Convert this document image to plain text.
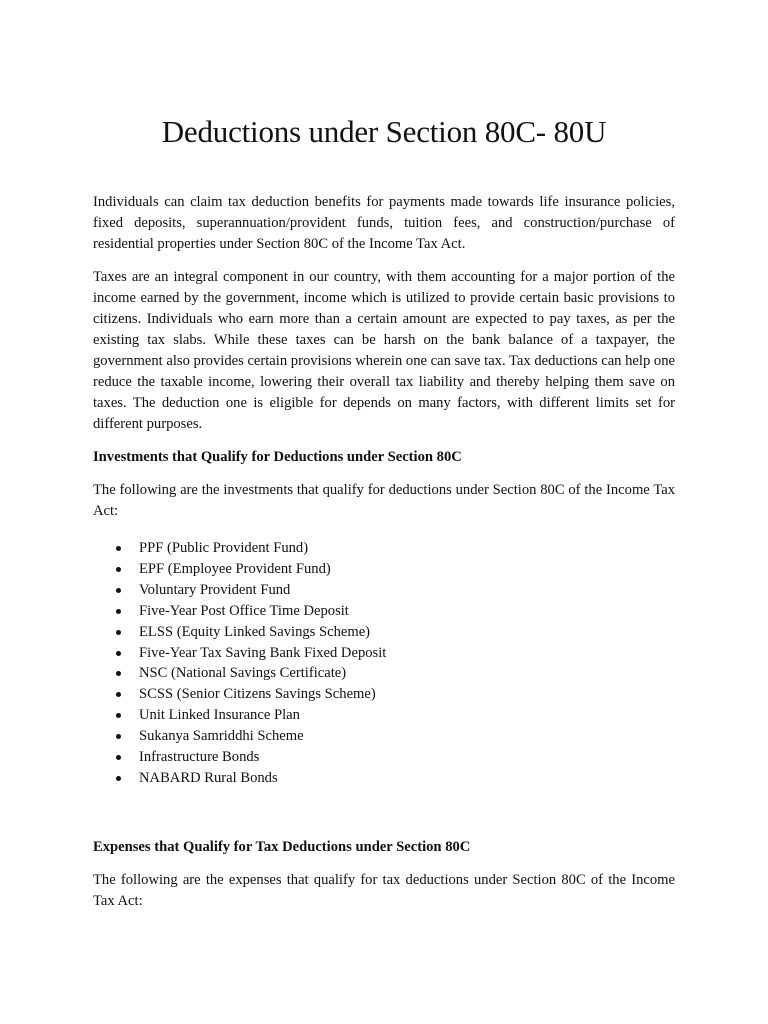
Deductions under Section 80C- 80U

Individuals can claim tax deduction benefits for payments made towards life insurance policies, fixed deposits, superannuation/provident funds, tuition fees, and construction/purchase of residential properties under Section 80C of the Income Tax Act.

Taxes are an integral component in our country, with them accounting for a major portion of the income earned by the government, income which is utilized to provide certain basic provisions to citizens. Individuals who earn more than a certain amount are expected to pay taxes, as per the existing tax slabs. While these taxes can be harsh on the bank balance of a taxpayer, the government also provides certain provisions wherein one can save tax. Tax deductions can help one reduce the taxable income, lowering their overall tax liability and thereby helping them save on taxes. The deduction one is eligible for depends on many factors, with different limits set for different purposes.

Investments that Qualify for Deductions under Section 80C

The following are the investments that qualify for deductions under Section 80C of the Income Tax Act:

PPF (Public Provident Fund)
EPF (Employee Provident Fund)
Voluntary Provident Fund
Five-Year Post Office Time Deposit
ELSS (Equity Linked Savings Scheme)
Five-Year Tax Saving Bank Fixed Deposit
NSC (National Savings Certificate)
SCSS (Senior Citizens Savings Scheme)
Unit Linked Insurance Plan
Sukanya Samriddhi Scheme
Infrastructure Bonds
NABARD Rural Bonds
Expenses that Qualify for Tax Deductions under Section 80C

The following are the expenses that qualify for tax deductions under Section 80C of the Income Tax Act:
